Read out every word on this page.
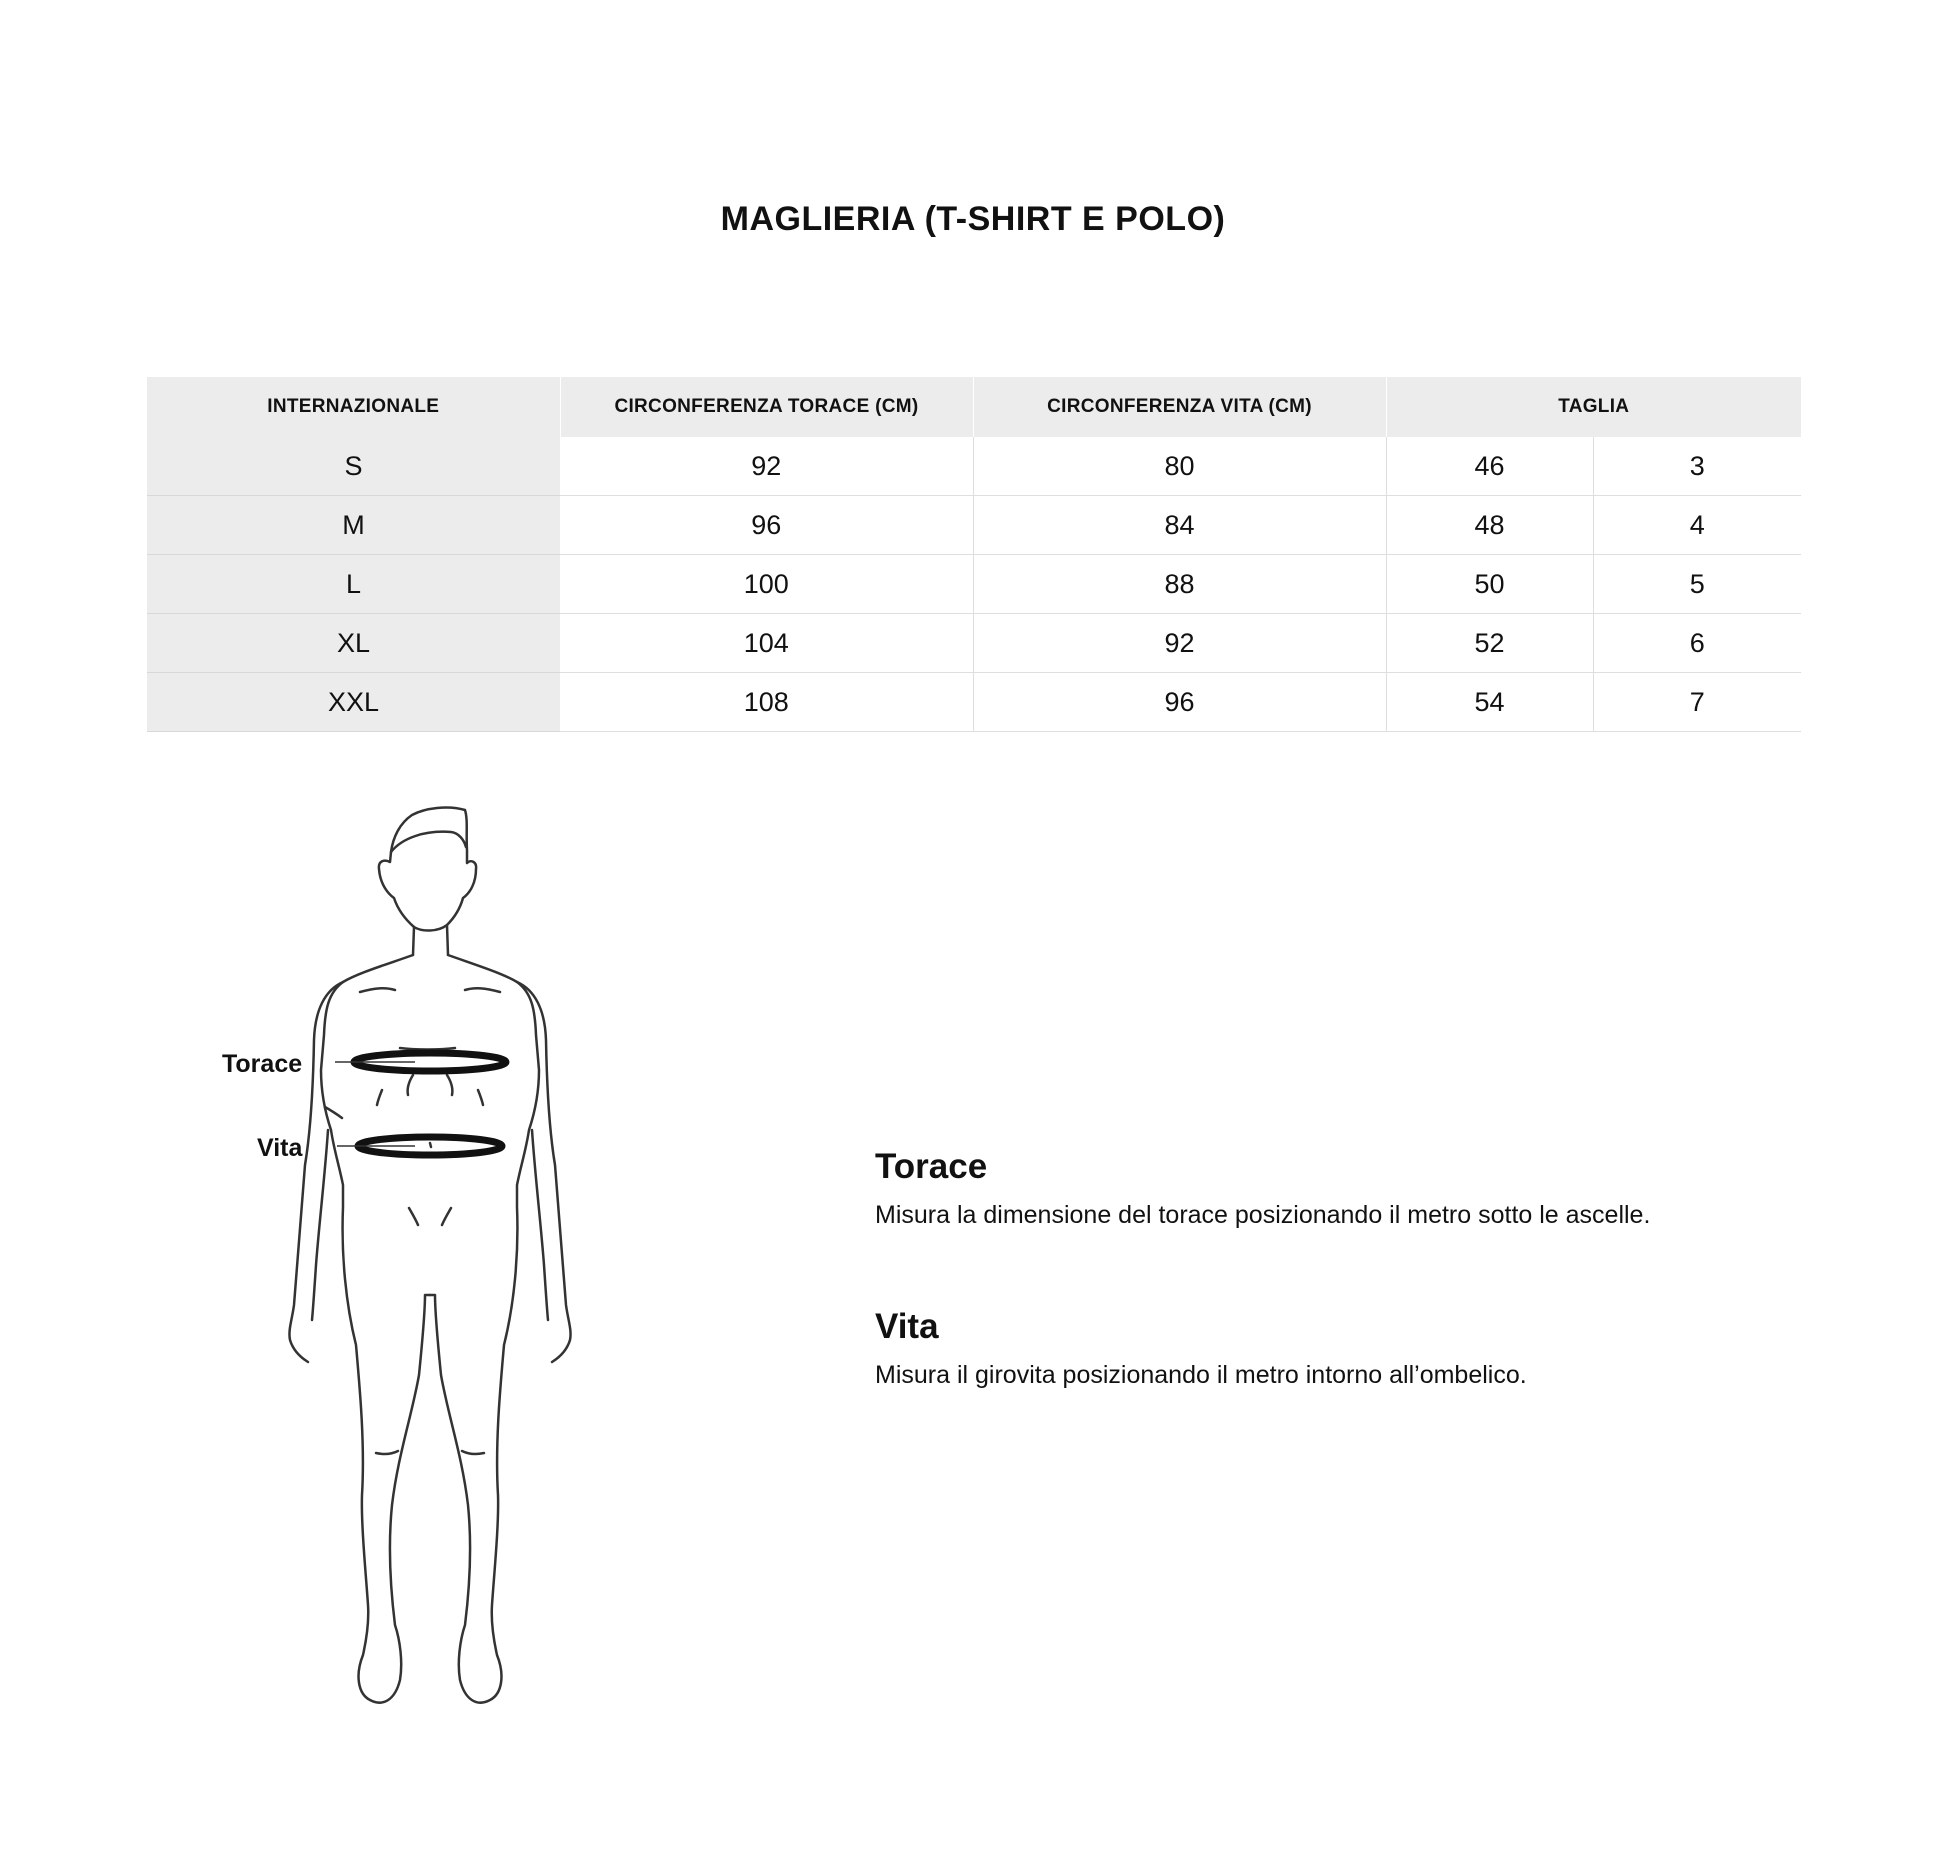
MAGLIERIA (T-SHIRT E POLO)
INTERNAZIONALE	CIRCONFERENZA TORACE (CM)	CIRCONFERENZA VITA (CM)	TAGLIA	
S	92	80	46	3
M	96	84	48	4
L	100	88	50	5
XL	104	92	52	6
XXL	108	96	54	7
Torace
Vita	Torace

Misura la dimensione del torace posizionando il metro sotto le ascelle.

Vita

Misura il girovita posizionando il metro intorno all’ombelico.
